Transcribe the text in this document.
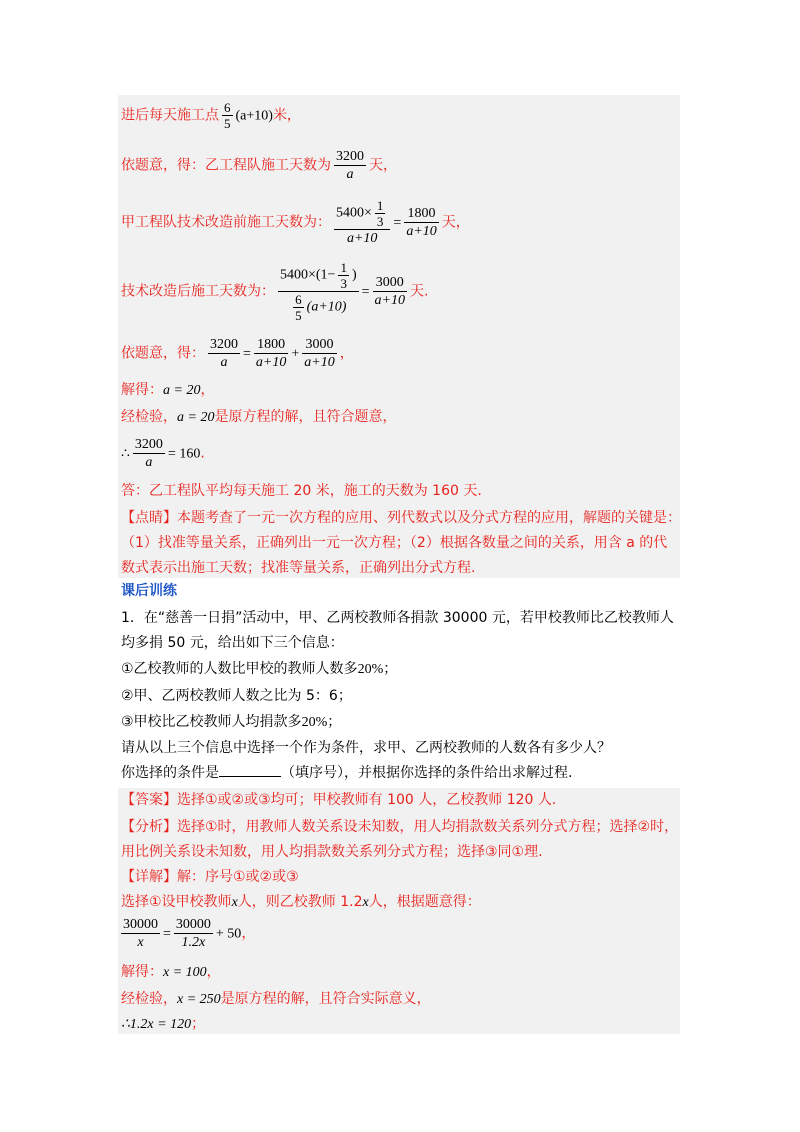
进后每天施工点 $\frac{6}{5} (a+10)$米，
依题意，得：乙工程队施工天数为 $\frac{3200}{a}$ 天，
甲工程队技术改造前施工天数为： $\frac{5400\times \frac{1}{3}}{a+10} = \frac{1800}{a+10}$ 天，
技术改造后施工天数为： $\frac{5400\times(1- \frac{1}{3} )}{\frac{6}{5} (a+10)} = \frac{3000}{a+10}$ 天.
依题意，得： $\frac{3200}{a} = \frac{1800}{a+10} + \frac{3000}{a+10}$ ，
解得：a = 20，
经检验，a = 20是原方程的解，且符合题意，
∴ $\frac{3200}{a} = 160$.
答：乙工程队平均每天施工 20 米，施工的天数为 160 天.
【点睛】本题考查了一元一次方程的应用、列代数式以及分式方程的应用，解题的关键是：
（1）找准等量关系，正确列出一元一次方程；（2）根据各数量之间的关系，用含 a 的代
数式表示出施工天数；找准等量关系，正确列出分式方程.
课后训练
1．在“慈善一日捐”活动中，甲、乙两校教师各捐款 30000 元，若甲校教师比乙校教师人
均多捐 50 元，给出如下三个信息：
①乙校教师的人数比甲校的教师人数多20%；
②甲、乙两校教师人数之比为 5：6；
③甲校比乙校教师人均捐款多20%；
请从以上三个信息中选择一个作为条件，求甲、乙两校教师的人数各有多少人？
你选择的条件是	（填序号），并根据你选择的条件给出求解过程.
【答案】选择①或②或③均可；甲校教师有 100 人，乙校教师 120 人.
【分析】选择①时，用教师人数关系设未知数，用人均捐款数关系列分式方程；选择②时，
用比例关系设未知数，用人均捐款数关系列分式方程；选择③同①理.
【详解】解：序号①或②或③
选择①设甲校教师x人，则乙校教师 1.2x人，根据题意得：
$\frac{30000}{x} = \frac{30000}{1.2x} + 50$，
解得：x = 100，
经检验，x = 250是原方程的解，且符合实际意义，
∴1.2x = 120；
